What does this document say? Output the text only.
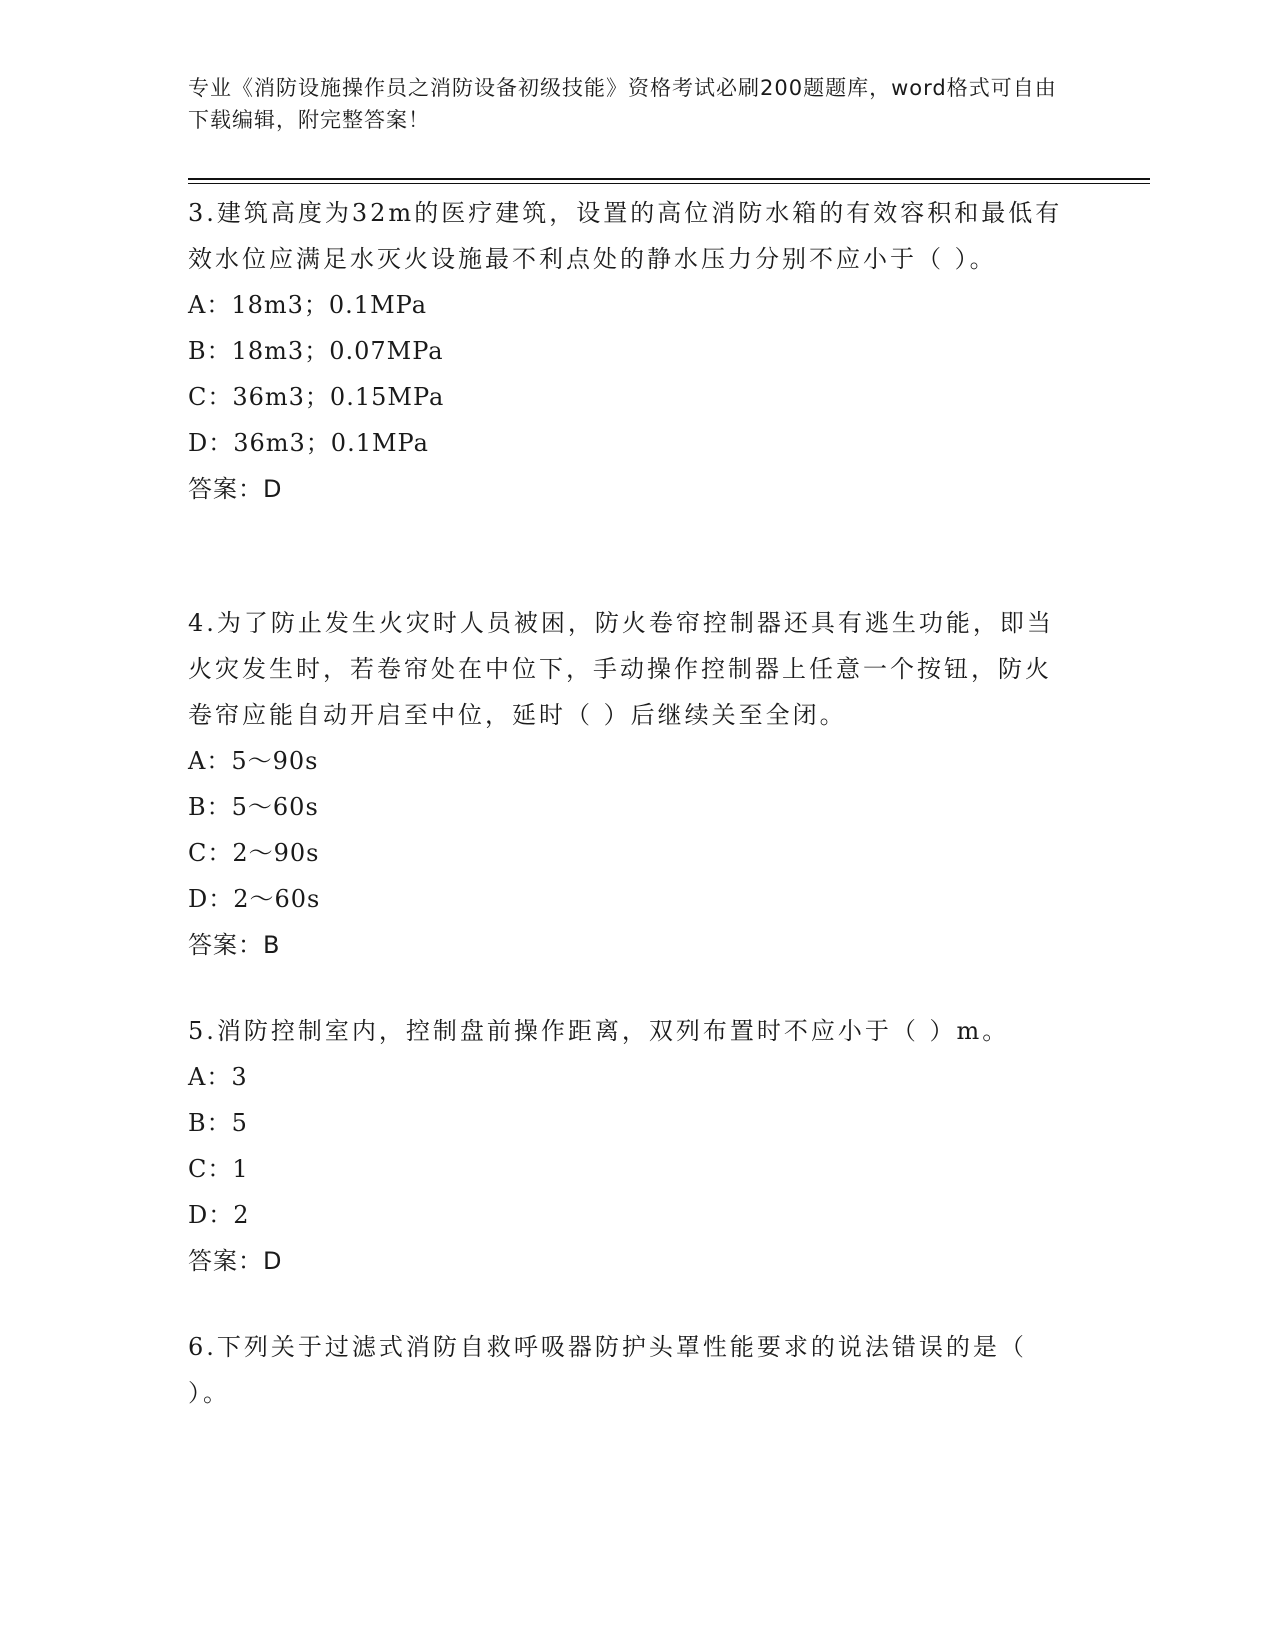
专业《消防设施操作员之消防设备初级技能》资格考试必刷200题题库，word格式可自由下载编辑，附完整答案！
3.建筑高度为32m的医疗建筑，设置的高位消防水箱的有效容积和最低有效水位应满足水灭火设施最不利点处的静水压力分别不应小于（ ）。
A：18m3；0.1MPa
B：18m3；0.07MPa
C：36m3；0.15MPa
D：36m3；0.1MPa
答案：D
4.为了防止发生火灾时人员被困，防火卷帘控制器还具有逃生功能，即当火灾发生时，若卷帘处在中位下，手动操作控制器上任意一个按钮，防火卷帘应能自动开启至中位，延时（ ）后继续关至全闭。
A：5～90s
B：5～60s
C：2～90s
D：2～60s
答案：B
5.消防控制室内，控制盘前操作距离，双列布置时不应小于（ ）m。
A：3
B：5
C：1
D：2
答案：D
6.下列关于过滤式消防自救呼吸器防护头罩性能要求的说法错误的是（ ）。
